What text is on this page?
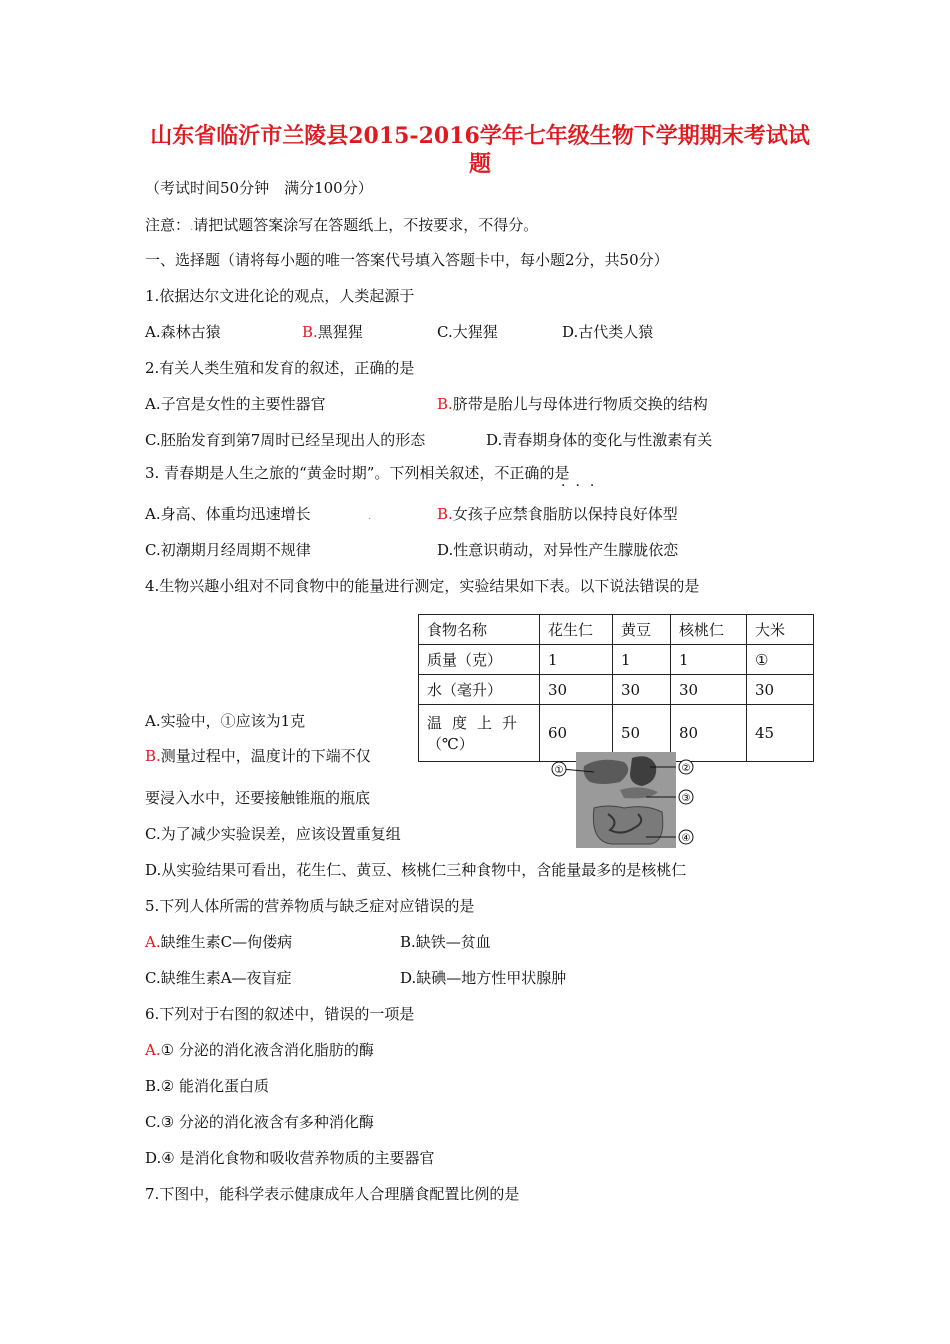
山东省临沂市兰陵县2015-2016学年七年级生物下学期期末考试试题
（考试时间50分钟　满分100分）
注意：.请把试题答案涂写在答题纸上，不按要求，不得分。
一、选择题（请将每小题的唯一答案代号填入答题卡中，每小题2分，共50分）
1.依据达尔文进化论的观点，人类起源于
A.森林古猿	B.黑猩猩	C.大猩猩	D.古代类人猿
2.有关人类生殖和发育的叙述，正确的是
A.子宫是女性的主要性器官	B.脐带是胎儿与母体进行物质交换的结构
C.胚胎发育到第7周时已经呈现出人的形态	D.青春期身体的变化与性激素有关
3. 青春期是人生之旅的“黄金时期”。下列相关叙述，不正确的是
···
A.身高、体重均迅速增长	.	B.女孩子应禁食脂肪以保持良好体型
C.初潮期月经周期不规律	D.性意识萌动，对异性产生朦胧依恋
4.生物兴趣小组对不同食物中的能量进行测定，实验结果如下表。以下说法错误的是
食物名称	花生仁	黄豆	核桃仁	大米
质量（克）	1	1	1	①
水（毫升）	30	30	30	30

温度上升
（℃）	60	50	80	45
A.实验中，①应该为1克
B.测量过程中，温度计的下端不仅
要浸入水中，还要接触锥瓶的瓶底
C.为了减少实验误差，应该设置重复组
D.从实验结果可看出，花生仁、黄豆、核桃仁三种食物中，含能量最多的是核桃仁
①	②
③
④
5.下列人体所需的营养物质与缺乏症对应错误的是
A.缺维生素C—佝偻病	B.缺铁—贫血
C.缺维生素A—夜盲症	D.缺碘—地方性甲状腺肿
6.下列对于右图的叙述中，错误的一项是
A.① 分泌的消化液含消化脂肪的酶
B.② 能消化蛋白质
C.③ 分泌的消化液含有多种消化酶
D.④ 是消化食物和吸收营养物质的主要器官
7.下图中，能科学表示健康成年人合理膳食配置比例的是
